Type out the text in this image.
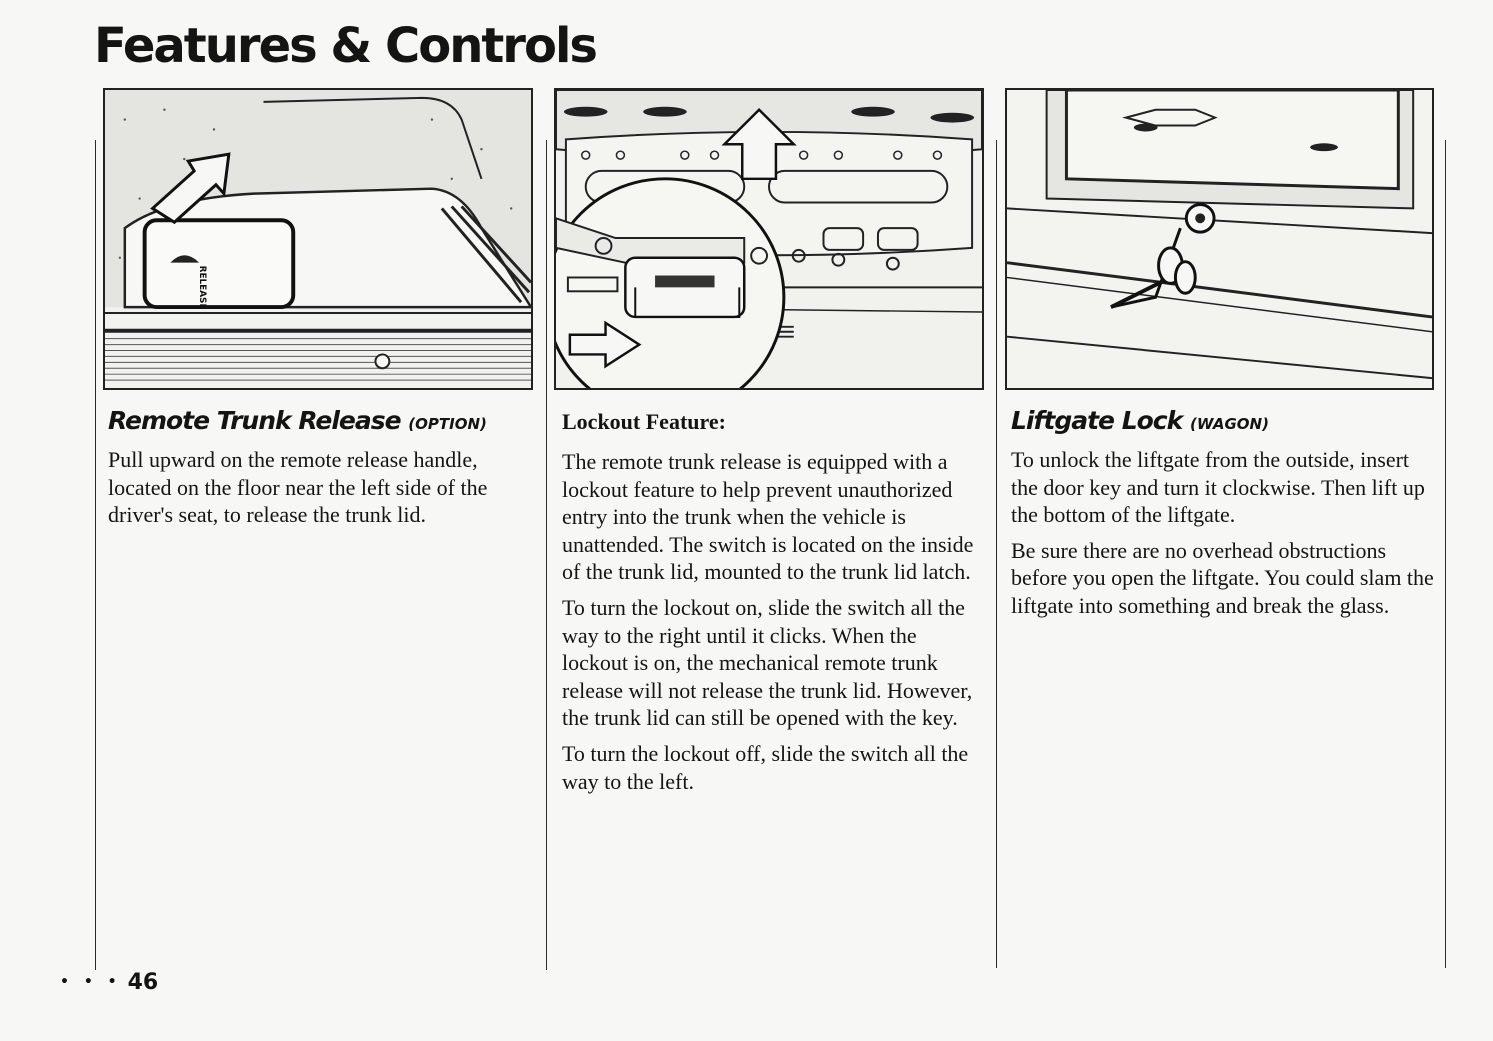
Features & Controls
RELEASE
Remote Trunk Release (OPTION)

Pull upward on the remote release handle, located on the floor near the left side of the driver's seat, to release the trunk lid.

Lockout Feature:

The remote trunk release is equipped with a lockout feature to help prevent unauthorized entry into the trunk when the vehicle is unattended. The switch is located on the inside of the trunk lid, mounted to the trunk lid latch.

To turn the lockout on, slide the switch all the way to the right until it clicks. When the lockout is on, the mechanical remote trunk release will not release the trunk lid. However, the trunk lid can still be opened with the key.

To turn the lockout off, slide the switch all the way to the left.

Liftgate Lock (WAGON)

To unlock the liftgate from the outside, insert the door key and turn it clockwise. Then lift up the bottom of the liftgate.

Be sure there are no overhead obstructions before you open the liftgate. You could slam the liftgate into something and break the glass.

• • • 46
